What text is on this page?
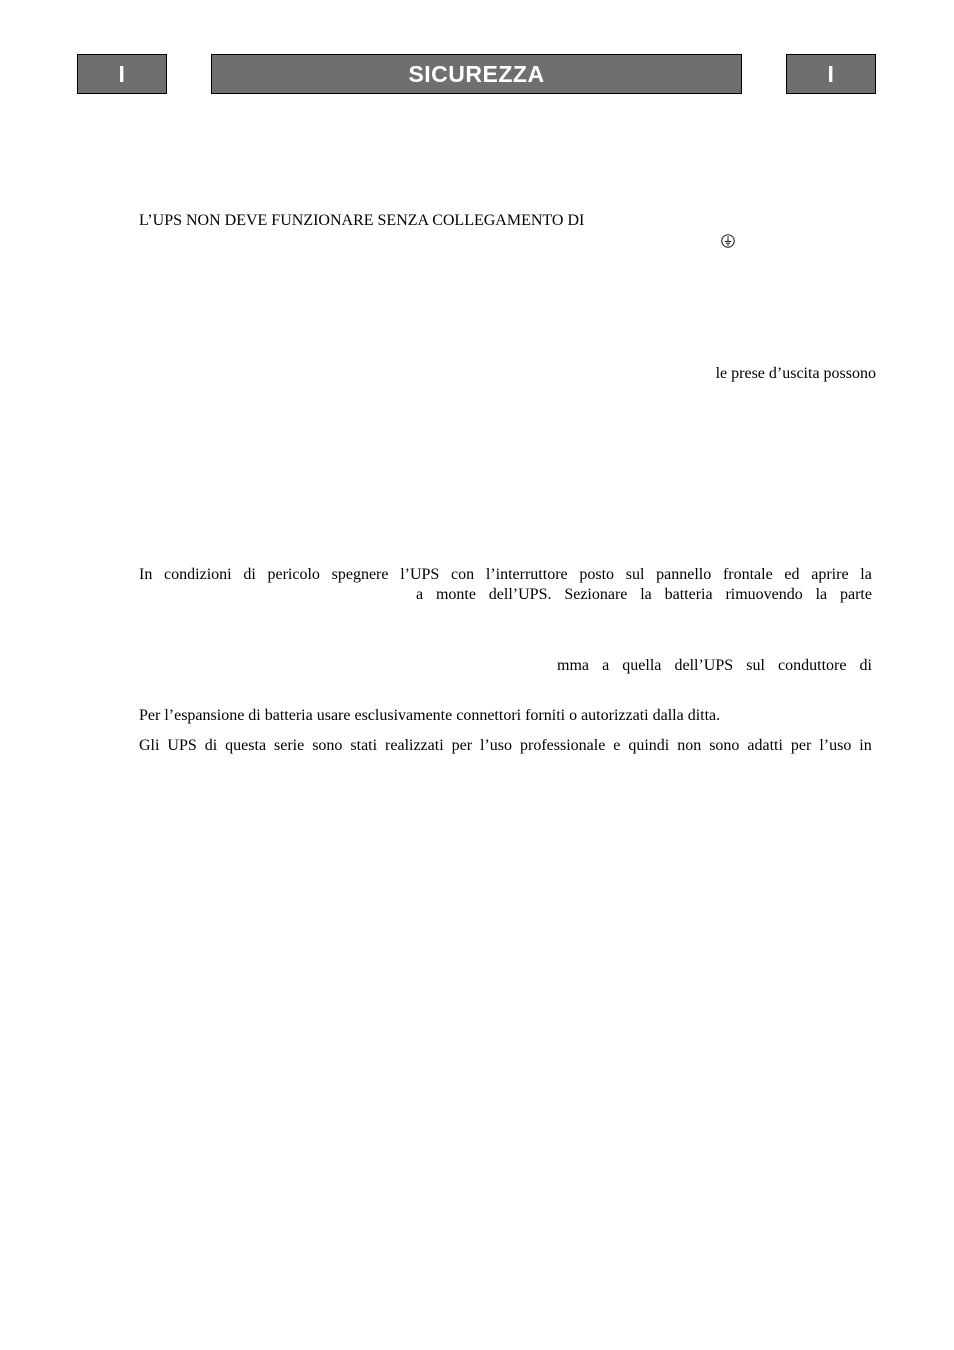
I	SICUREZZA	I
L’UPS NON DEVE FUNZIONARE SENZA COLLEGAMENTO DI
le prese d’uscita possono
In condizioni di pericolo spegnere l’UPS con l’interruttore posto sul pannello frontale ed aprire la
a monte dell’UPS. Sezionare la batteria rimuovendo la parte
mma a quella dell’UPS sul conduttore di
Per l’espansione di batteria usare esclusivamente connettori forniti o autorizzati dalla ditta.
Gli UPS di questa serie sono stati realizzati per l’uso professionale e quindi non sono adatti per l’uso in
